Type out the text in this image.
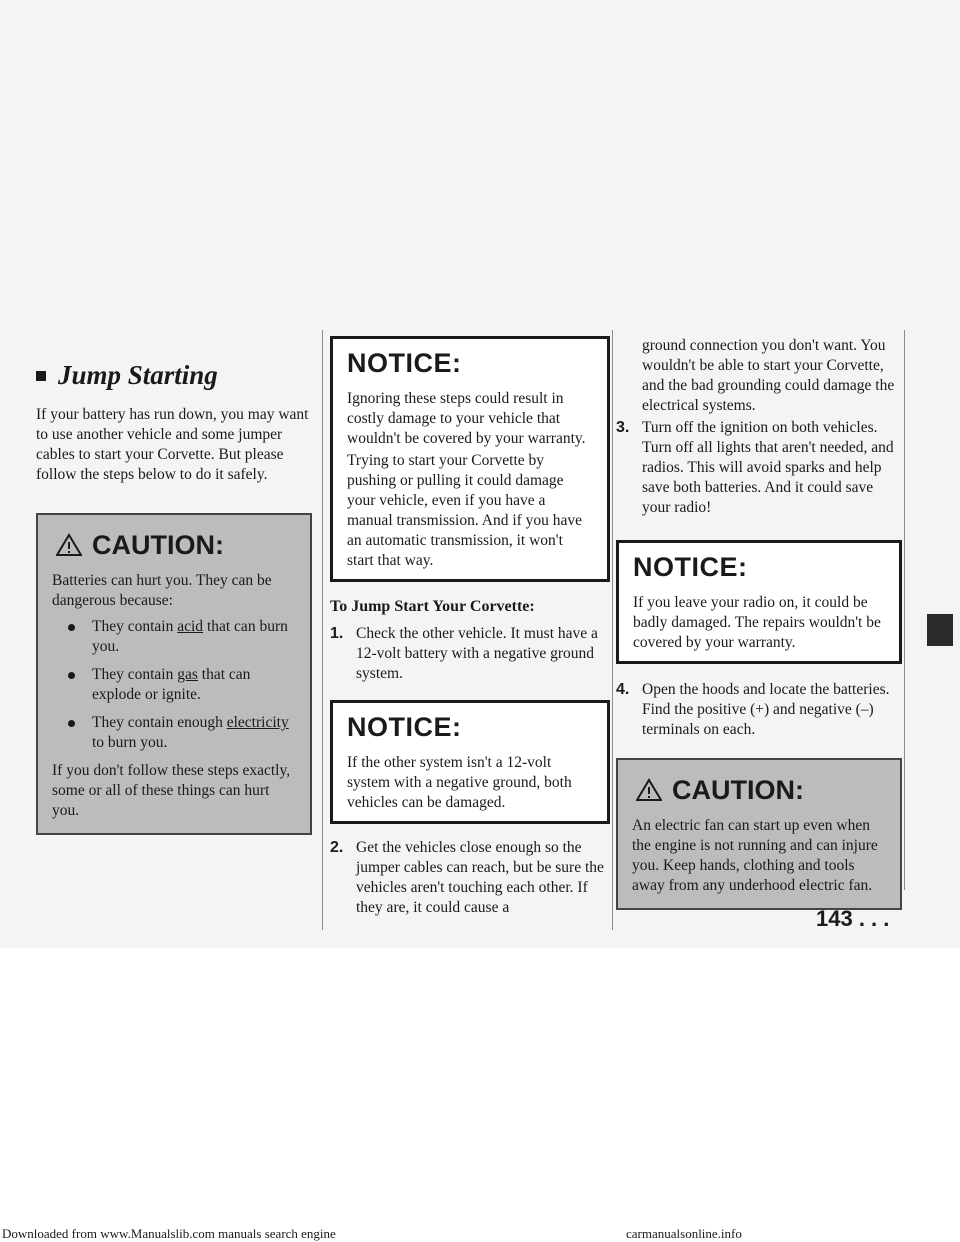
Jump Starting

If your battery has run down, you may want to use another vehicle and some jumper cables to start your Corvette. But please follow the steps below to do it safely.

CAUTION:

Batteries can hurt you. They can be dangerous because:

They contain acid that can burn you.
They contain gas that can explode or ignite.
They contain enough electricity to burn you.

If you don't follow these steps exactly, some or all of these things can hurt you.

NOTICE:

Ignoring these steps could result in costly damage to your vehicle that wouldn't be covered by your warranty.

Trying to start your Corvette by pushing or pulling it could damage your vehicle, even if you have a manual transmission. And if you have an automatic transmission, it won't start that way.

To Jump Start Your Corvette:
1. Check the other vehicle. It must have a 12-volt battery with a negative ground system.
NOTICE:

If the other system isn't a 12-volt system with a negative ground, both vehicles can be damaged.

2. Get the vehicles close enough so the jumper cables can reach, but be sure the vehicles aren't touching each other. If they are, it could cause a
ground connection you don't want. You wouldn't be able to start your Corvette, and the bad grounding could damage the electrical systems.
3. Turn off the ignition on both vehicles. Turn off all lights that aren't needed, and radios. This will avoid sparks and help save both batteries. And it could save your radio!
NOTICE:

If you leave your radio on, it could be badly damaged. The repairs wouldn't be covered by your warranty.

4. Open the hoods and locate the batteries. Find the positive (+) and negative (–) terminals on each.
CAUTION:

An electric fan can start up even when the engine is not running and can injure you. Keep hands, clothing and tools away from any underhood electric fan.

143 . . .
Downloaded from www.Manualslib.com manuals search engine	carmanualsonline.info
